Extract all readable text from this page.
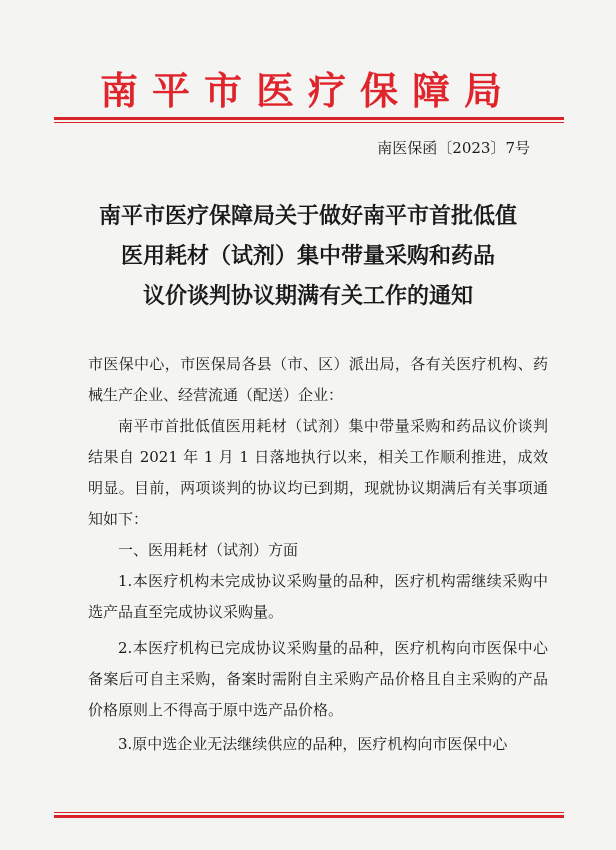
南平市医疗保障局
南医保函〔2023〕7号
南平市医疗保障局关于做好南平市首批低值
医用耗材（试剂）集中带量采购和药品
议价谈判协议期满有关工作的通知

市医保中心，市医保局各县（市、区）派出局，各有关医疗机构、药械生产企业、经营流通（配送）企业：

南平市首批低值医用耗材（试剂）集中带量采购和药品议价谈判结果自 2021 年 1 月 1 日落地执行以来，相关工作顺利推进，成效明显。目前，两项谈判的协议均已到期，现就协议期满后有关事项通知如下：

一、医用耗材（试剂）方面

1.本医疗机构未完成协议采购量的品种，医疗机构需继续采购中选产品直至完成协议采购量。

2.本医疗机构已完成协议采购量的品种，医疗机构向市医保中心备案后可自主采购，备案时需附自主采购产品价格且自主采购的产品价格原则上不得高于原中选产品价格。

3.原中选企业无法继续供应的品种，医疗机构向市医保中心
